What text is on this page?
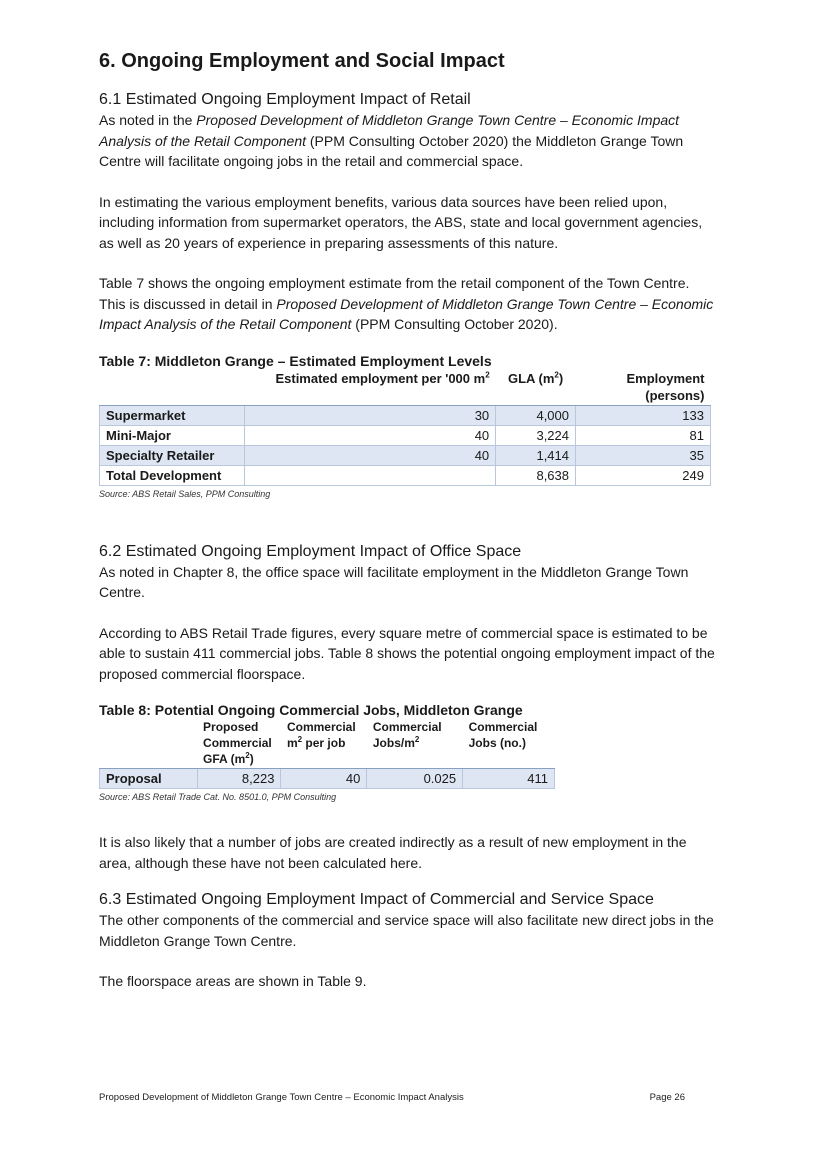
6. Ongoing Employment and Social Impact
6.1 Estimated Ongoing Employment Impact of Retail

As noted in the Proposed Development of Middleton Grange Town Centre – Economic Impact Analysis of the Retail Component (PPM Consulting October 2020) the Middleton Grange Town Centre will facilitate ongoing jobs in the retail and commercial space.

In estimating the various employment benefits, various data sources have been relied upon, including information from supermarket operators, the ABS, state and local government agencies, as well as 20 years of experience in preparing assessments of this nature.

Table 7 shows the ongoing employment estimate from the retail component of the Town Centre. This is discussed in detail in Proposed Development of Middleton Grange Town Centre – Economic Impact Analysis of the Retail Component (PPM Consulting October 2020).

Table 7: Middleton Grange – Estimated Employment Levels
	Estimated employment per '000 $m^2$	GLA $(m^2)$	Employment (persons)
Supermarket	30	4,000	133
Mini-Major	40	3,224	81
Specialty Retailer	40	1,414	35
Total Development		8,638	249
Source: ABS Retail Sales, PPM Consulting
6.2 Estimated Ongoing Employment Impact of Office Space

As noted in Chapter 8, the office space will facilitate employment in the Middleton Grange Town Centre.

According to ABS Retail Trade figures, every square metre of commercial space is estimated to be able to sustain 411 commercial jobs. Table 8 shows the potential ongoing employment impact of the proposed commercial floorspace.

Table 8: Potential Ongoing Commercial Jobs, Middleton Grange
	Proposed Commercial GFA $(m^2)$	Commercial $m^2$ per job	Commercial Jobs/$m^2$	Commercial Jobs (no.)
Proposal	8,223	40	0.025	411
Source: ABS Retail Trade Cat. No. 8501.0, PPM Consulting

It is also likely that a number of jobs are created indirectly as a result of new employment in the area, although these have not been calculated here.

6.3 Estimated Ongoing Employment Impact of Commercial and Service Space

The other components of the commercial and service space will also facilitate new direct jobs in the Middleton Grange Town Centre.

The floorspace areas are shown in Table 9.

Proposed Development of Middleton Grange Town Centre – Economic Impact Analysis	Page 26
